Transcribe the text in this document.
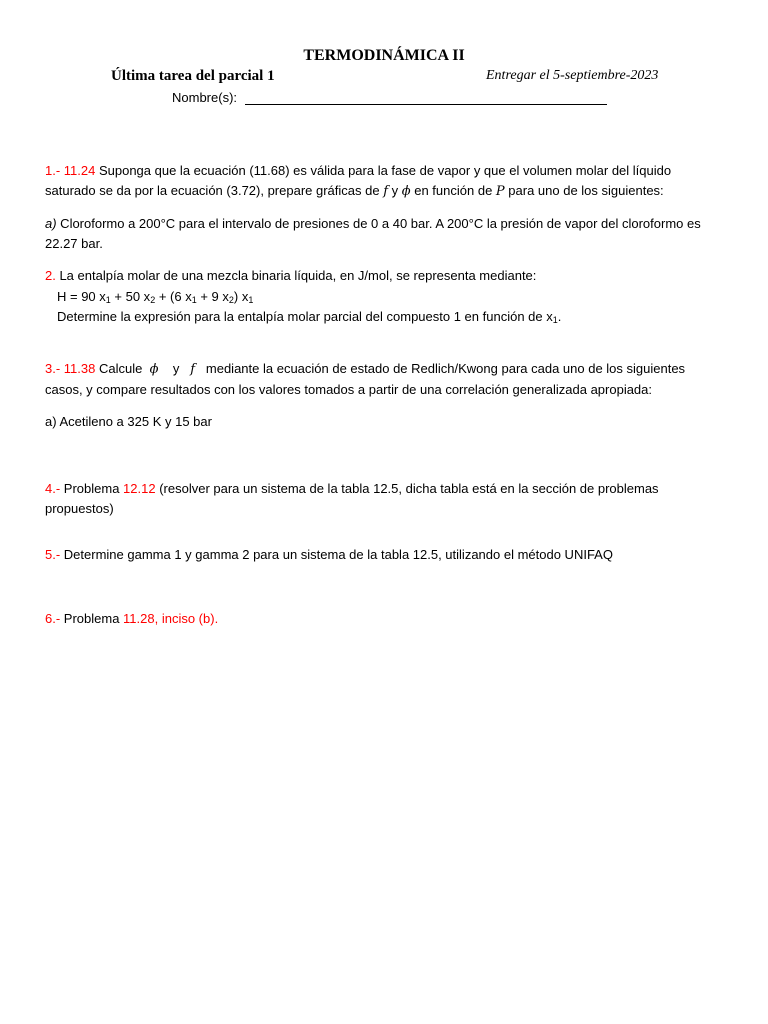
TERMODINÁMICA II
Última tarea del parcial 1	Entregar el 5-septiembre-2023
Nombre(s):
1.- 11.24 Suponga que la ecuación (11.68) es válida para la fase de vapor y que el volumen molar del líquido saturado se da por la ecuación (3.72), prepare gráficas de f y ϕ en función de P para uno de los siguientes:
a) Cloroformo a 200°C para el intervalo de presiones de 0 a 40 bar. A 200°C la presión de vapor del cloroformo es 22.27 bar.
2. La entalpía molar de una mezcla binaria líquida, en J/mol, se representa mediante:
H = 90 $x_1 + 50$ $x_2 + (6$ $x_1 + 9$ $x_2$) $x_1$
Determine la expresión para la entalpía molar parcial del compuesto 1 en función de $x_1$.
3.- 11.38 Calcule  ϕ y f   mediante la ecuación de estado de Redlich/Kwong para cada uno de los siguientes casos, y compare resultados con los valores tomados a partir de una correlación generalizada apropiada:
a) Acetileno a 325 K y 15 bar
4.- Problema 12.12 (resolver para un sistema de la tabla 12.5, dicha tabla está en la sección de problemas propuestos)
5.- Determine gamma 1 y gamma 2 para un sistema de la tabla 12.5, utilizando el método UNIFAQ
6.- Problema 11.28, inciso (b).
